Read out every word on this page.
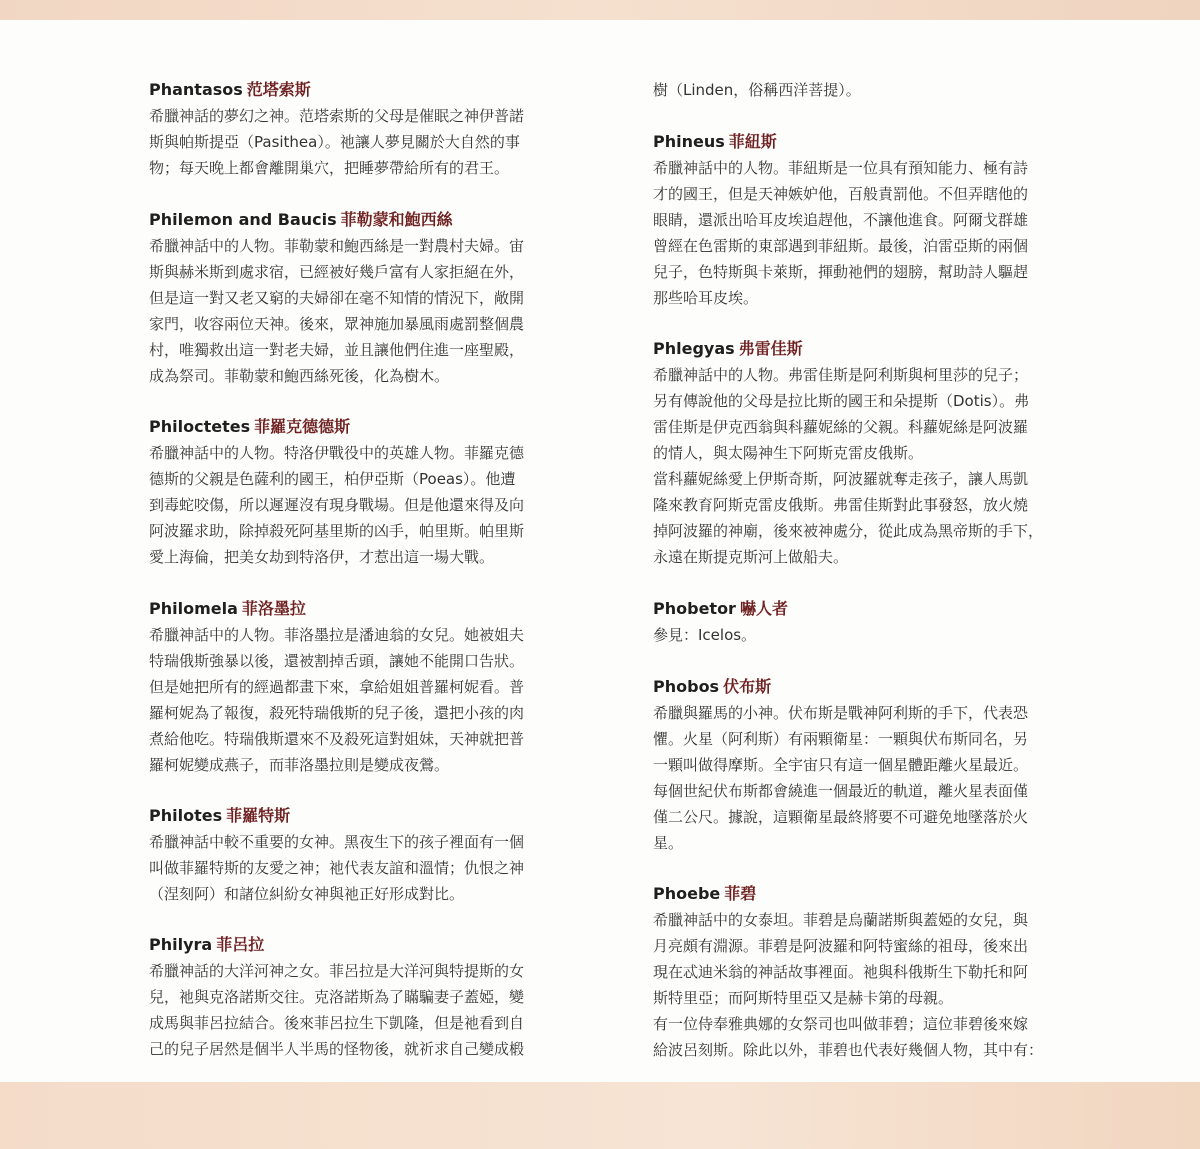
Phantasos 范塔索斯
希臘神話的夢幻之神。范塔索斯的父母是催眠之神伊普諾
斯與帕斯提亞（Pasithea）。祂讓人夢見關於大自然的事
物；每天晚上都會離開巢穴，把睡夢帶給所有的君王。
Philemon and Baucis 菲勒蒙和鮑西絲
希臘神話中的人物。菲勒蒙和鮑西絲是一對農村夫婦。宙
斯與赫米斯到處求宿，已經被好幾戶富有人家拒絕在外，
但是這一對又老又窮的夫婦卻在毫不知情的情況下，敞開
家門，收容兩位天神。後來，眾神施加暴風雨處罰整個農
村，唯獨救出這一對老夫婦，並且讓他們住進一座聖殿，
成為祭司。菲勒蒙和鮑西絲死後，化為樹木。
Philoctetes 菲羅克德德斯
希臘神話中的人物。特洛伊戰役中的英雄人物。菲羅克德
德斯的父親是色薩利的國王，柏伊亞斯（Poeas）。他遭
到毒蛇咬傷，所以遲遲沒有現身戰場。但是他還來得及向
阿波羅求助，除掉殺死阿基里斯的凶手，帕里斯。帕里斯
愛上海倫，把美女劫到特洛伊，才惹出這一場大戰。
Philomela 菲洛墨拉
希臘神話中的人物。菲洛墨拉是潘迪翁的女兒。她被姐夫
特瑞俄斯強暴以後，還被割掉舌頭，讓她不能開口告狀。
但是她把所有的經過都畫下來，拿給姐姐普羅柯妮看。普
羅柯妮為了報復，殺死特瑞俄斯的兒子後，還把小孩的肉
煮給他吃。特瑞俄斯還來不及殺死這對姐妹，天神就把普
羅柯妮變成燕子，而菲洛墨拉則是變成夜鶯。
Philotes 菲羅特斯
希臘神話中較不重要的女神。黑夜生下的孩子裡面有一個
叫做菲羅特斯的友愛之神；祂代表友誼和溫情；仇恨之神
（涅刻阿）和諸位糾紛女神與祂正好形成對比。
Philyra 菲呂拉
希臘神話的大洋河神之女。菲呂拉是大洋河與特提斯的女
兒，祂與克洛諾斯交往。克洛諾斯為了瞞騙妻子蓋婭，變
成馬與菲呂拉結合。後來菲呂拉生下凱隆，但是祂看到自
己的兒子居然是個半人半馬的怪物後，就祈求自己變成椴
樹（Linden，俗稱西洋菩提）。
Phineus 菲紐斯
希臘神話中的人物。菲紐斯是一位具有預知能力、極有詩
才的國王，但是天神嫉妒他，百般責罰他。不但弄瞎他的
眼睛，還派出哈耳皮埃追趕他，不讓他進食。阿爾戈群雄
曾經在色雷斯的東部遇到菲紐斯。最後，泊雷亞斯的兩個
兒子，色特斯與卡萊斯，揮動祂們的翅膀，幫助詩人驅趕
那些哈耳皮埃。
Phlegyas 弗雷佳斯
希臘神話中的人物。弗雷佳斯是阿利斯與柯里莎的兒子；
另有傳說他的父母是拉比斯的國王和朵提斯（Dotis）。弗
雷佳斯是伊克西翁與科蘿妮絲的父親。科蘿妮絲是阿波羅
的情人，與太陽神生下阿斯克雷皮俄斯。
當科蘿妮絲愛上伊斯奇斯，阿波羅就奪走孩子，讓人馬凱
隆來教育阿斯克雷皮俄斯。弗雷佳斯對此事發怒，放火燒
掉阿波羅的神廟，後來被神處分，從此成為黑帝斯的手下，
永遠在斯提克斯河上做船夫。
Phobetor 嚇人者
參見：Icelos。
Phobos 伏布斯
希臘與羅馬的小神。伏布斯是戰神阿利斯的手下，代表恐
懼。火星（阿利斯）有兩顆衛星：一顆與伏布斯同名，另
一顆叫做得摩斯。全宇宙只有這一個星體距離火星最近。
每個世紀伏布斯都會繞進一個最近的軌道，離火星表面僅
僅二公尺。據說，這顆衛星最終將要不可避免地墜落於火
星。
Phoebe 菲碧
希臘神話中的女泰坦。菲碧是烏蘭諾斯與蓋婭的女兒，與
月亮頗有淵源。菲碧是阿波羅和阿特蜜絲的祖母，後來出
現在忒迪米翁的神話故事裡面。祂與科俄斯生下勒托和阿
斯特里亞；而阿斯特里亞又是赫卡第的母親。
有一位侍奉雅典娜的女祭司也叫做菲碧；這位菲碧後來嫁
給波呂刻斯。除此以外，菲碧也代表好幾個人物，其中有：
